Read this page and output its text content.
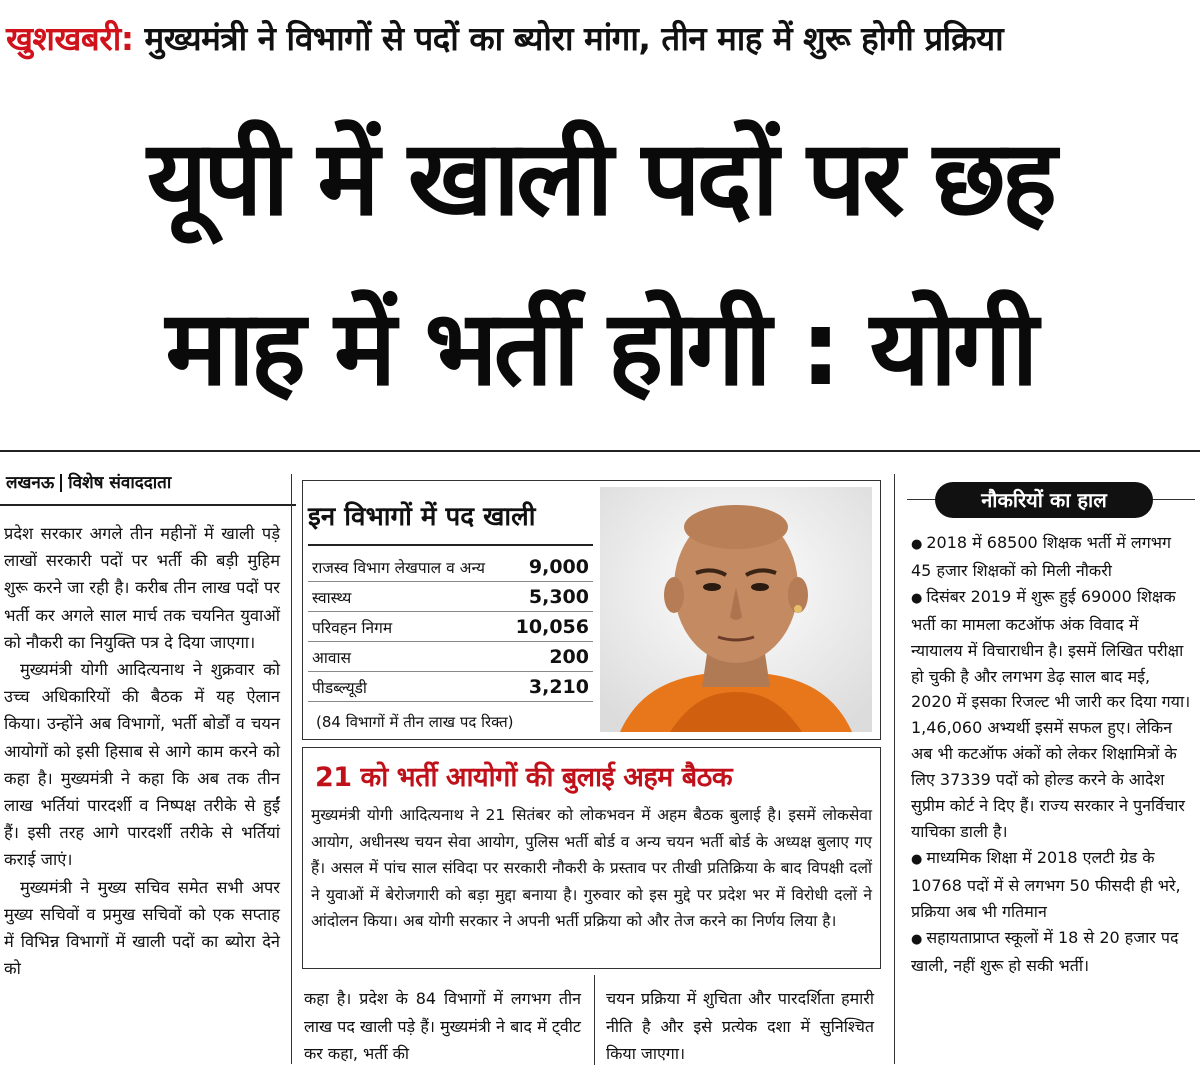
खुशखबरी: मुख्यमंत्री ने विभागों से पदों का ब्योरा मांगा, तीन माह में शुरू होगी प्रक्रिया
यूपी में खाली पदों पर छह
माह में भर्ती होगी : योगी
लखनऊ विशेष संवाददाता

प्रदेश सरकार अगले तीन महीनों में खाली पड़े लाखों सरकारी पदों पर भर्ती की बड़ी मुहिम शुरू करने जा रही है। करीब तीन लाख पदों पर भर्ती कर अगले साल मार्च तक चयनित युवाओं को नौकरी का नियुक्ति पत्र दे दिया जाएगा।

मुख्यमंत्री योगी आदित्यनाथ ने शुक्रवार को उच्च अधिकारियों की बैठक में यह ऐलान किया। उन्होंने अब विभागों, भर्ती बोर्डों व चयन आयोगों को इसी हिसाब से आगे काम करने को कहा है। मुख्यमंत्री ने कहा कि अब तक तीन लाख भर्तियां पारदर्शी व निष्पक्ष तरीके से हुईं हैं। इसी तरह आगे पारदर्शी तरीके से भर्तियां कराई जाएं।

मुख्यमंत्री ने मुख्य सचिव समेत सभी अपर मुख्य सचिवों व प्रमुख सचिवों को एक सप्ताह में विभिन्न विभागों में खाली पदों का ब्योरा देने को

इन विभागों में पद खाली
राजस्व विभाग लेखपाल व अन्य	9,000
स्वास्थ्य	5,300
परिवहन निगम	10,056
आवास	200
पीडब्ल्यूडी	3,210
(84 विभागों में तीन लाख पद रिक्त)
21 को भर्ती आयोगों की बुलाई अहम बैठक
मुख्यमंत्री योगी आदित्यनाथ ने 21 सितंबर को लोकभवन में अहम बैठक बुलाई है। इसमें लोकसेवा आयोग, अधीनस्थ चयन सेवा आयोग, पुलिस भर्ती बोर्ड व अन्य चयन भर्ती बोर्ड के अध्यक्ष बुलाए गए हैं। असल में पांच साल संविदा पर सरकारी नौकरी के प्रस्ताव पर तीखी प्रतिक्रिया के बाद विपक्षी दलों ने युवाओं में बेरोजगारी को बड़ा मुद्दा बनाया है। गुरुवार को इस मुद्दे पर प्रदेश भर में विरोधी दलों ने आंदोलन किया। अब योगी सरकार ने अपनी भर्ती प्रक्रिया को और तेज करने का निर्णय लिया है।
कहा है। प्रदेश के 84 विभागों में लगभग तीन लाख पद खाली पड़े हैं। मुख्यमंत्री ने बाद में ट्वीट कर कहा, भर्ती की
चयन प्रक्रिया में शुचिता और पारदर्शिता हमारी नीति है और इसे प्रत्येक दशा में सुनिश्चित किया जाएगा।
नौकरियों का हाल

● 2018 में 68500 शिक्षक भर्ती में लगभग 45 हजार शिक्षकों को मिली नौकरी

● दिसंबर 2019 में शुरू हुई 69000 शिक्षक भर्ती का मामला कटऑफ अंक विवाद में न्यायालय में विचाराधीन है। इसमें लिखित परीक्षा हो चुकी है और लगभग डेढ़ साल बाद मई, 2020 में इसका रिजल्ट भी जारी कर दिया गया। 1,46,060 अभ्यर्थी इसमें सफल हुए। लेकिन अब भी कटऑफ अंकों को लेकर शिक्षामित्रों के लिए 37339 पदों को होल्ड करने के आदेश सुप्रीम कोर्ट ने दिए हैं। राज्य सरकार ने पुनर्विचार याचिका डाली है।

● माध्यमिक शिक्षा में 2018 एलटी ग्रेड के 10768 पदों में से लगभग 50 फीसदी ही भरे, प्रक्रिया अब भी गतिमान

● सहायताप्राप्त स्कूलों में 18 से 20 हजार पद खाली, नहीं शुरू हो सकी भर्ती।
